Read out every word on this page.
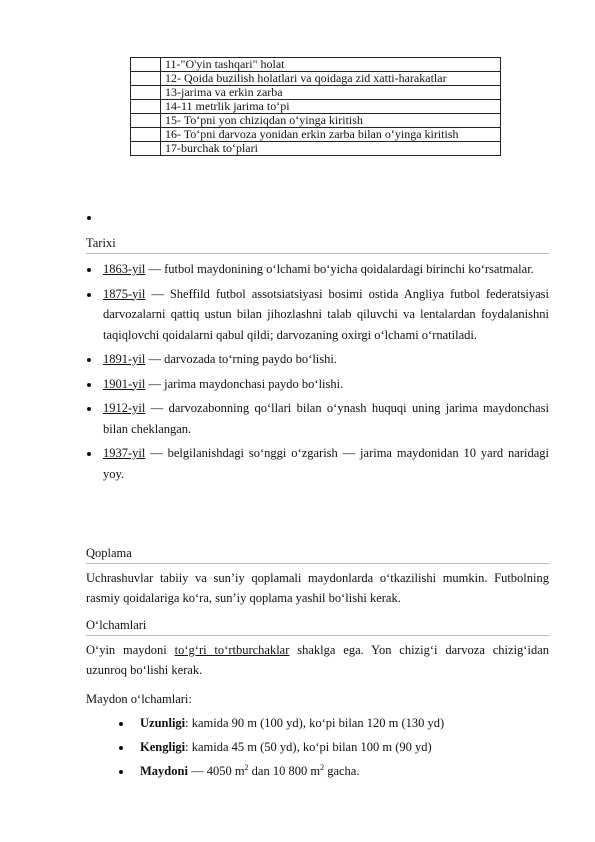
	11-"O'yin tashqari" holat
	12- Qoida buzilish holatlari va qoidaga zid xatti-harakatlar
	13-jarima va erkin zarba
	14-11 metrlik jarima to‘pi
	15- To‘pni yon chiziqdan o‘yinga kiritish
	16- To‘pni darvoza yonidan erkin zarba bilan o‘yinga kiritish
	17-burchak to‘plari
Tarixi
1863-yil — futbol maydonining o‘lchami bo‘yicha qoidalardagi birinchi ko‘rsatmalar.
1875-yil — Sheffild futbol assotsiatsiyasi bosimi ostida Angliya futbol federatsiyasi darvozalarni qattiq ustun bilan jihozlashni talab qiluvchi va lentalardan foydalanishni taqiqlovchi qoidalarni qabul qildi; darvozaning oxirgi o‘lchami o‘rnatiladi.
1891-yil — darvozada to‘rning paydo bo‘lishi.
1901-yil — jarima maydonchasi paydo bo‘lishi.
1912-yil — darvozabonning qo‘llari bilan o‘ynash huquqi uning jarima maydonchasi bilan cheklangan.
1937-yil — belgilanishdagi so‘nggi o‘zgarish — jarima maydonidan 10 yard naridagi yoy.
Qoplama
Uchrashuvlar tabiiy va sun’iy qoplamali maydonlarda o‘tkazilishi mumkin. Futbolning rasmiy qoidalariga ko‘ra, sun’iy qoplama yashil bo‘lishi kerak.
O‘lchamlari
O‘yin maydoni to‘g‘ri to‘rtburchaklar shaklga ega. Yon chizig‘i darvoza chizig‘idan uzunroq bo‘lishi kerak.
Maydon o‘lchamlari:
Uzunligi: kamida 90 m (100 yd), ko‘pi bilan 120 m (130 yd)
Kengligi: kamida 45 m (50 yd), ko‘pi bilan 100 m (90 yd)
Maydoni — 4050 $m^2$ dan 10 800 $m^2$ gacha.
